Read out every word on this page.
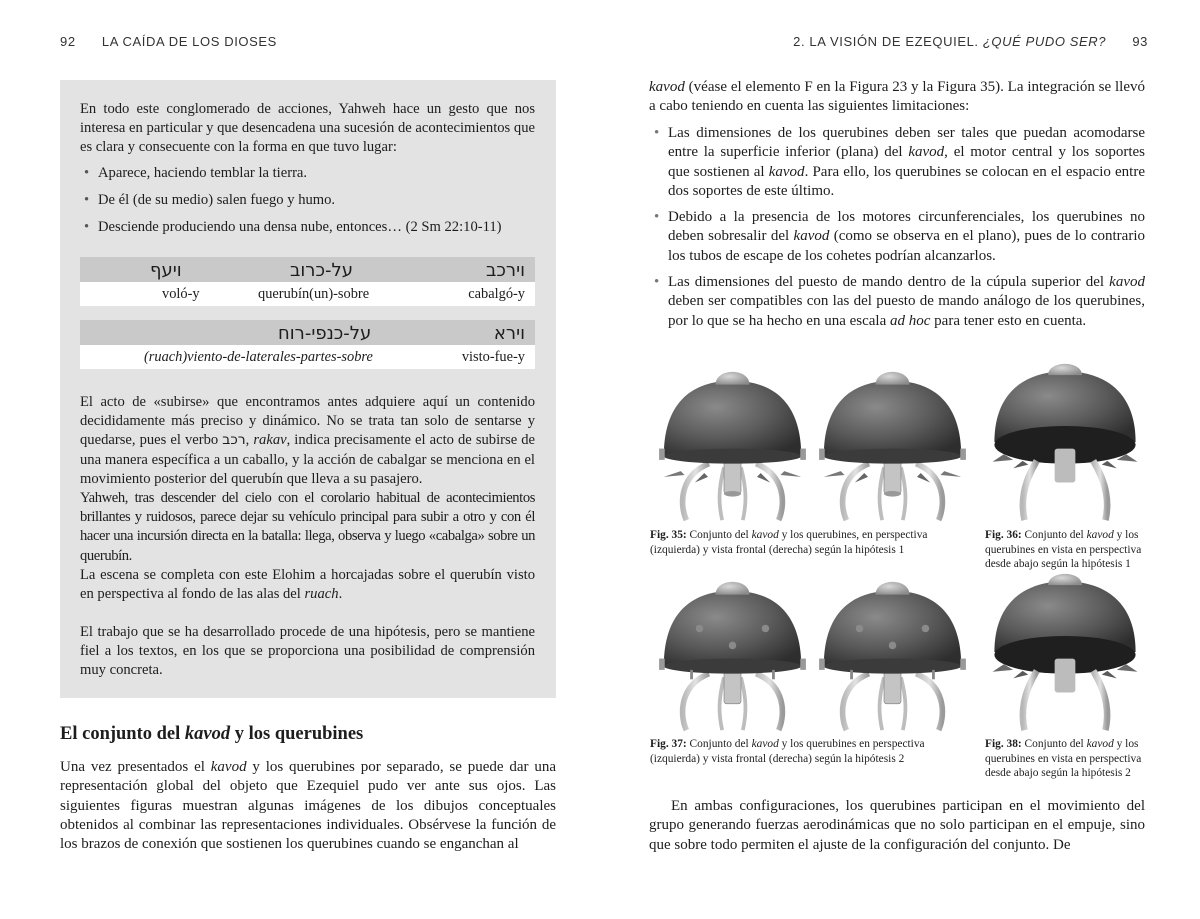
92 LA CAÍDA DE LOS DIOSES	2. LA VISIÓN DE EZEQUIEL. ¿QUÉ PUDO SER? 93
En todo este conglomerado de acciones, Yahweh hace un gesto que nos interesa en particular y que desencadena una sucesión de acontecimientos que es clara y consecuente con la forma en que tuvo lugar:
• Aparece, haciendo temblar la tierra.
• De él (de su medio) salen fuego y humo.
• Desciende produciendo una densa nube, entonces… (2 Sm 22:10-11)
וירכב
על-כרוב
ויעף
cabalgó-y
querubín(un)-sobre
voló-y
וירא
על-כנפי-רוח
visto-fue-y
(ruach)viento-de-laterales-partes-sobre
El acto de «subirse» que encontramos antes adquiere aquí un contenido decididamente más preciso y dinámico. No se trata tan solo de sentarse y quedarse, pues el verbo רכב, rakav, indica precisamente el acto de subirse de una manera específica a un caballo, y la acción de cabalgar se menciona en el movimiento posterior del querubín que lleva a su pasajero.
Yahweh, tras descender del cielo con el corolario habitual de acontecimientos brillantes y ruidosos, parece dejar su vehículo principal para subir a otro y con él hacer una incursión directa en la batalla: llega, observa y luego «cabalga» sobre un querubín.
La escena se completa con este Elohim a horcajadas sobre el querubín visto en perspectiva al fondo de las alas del ruach.
El trabajo que se ha desarrollado procede de una hipótesis, pero se mantiene fiel a los textos, en los que se proporciona una posibilidad de comprensión muy concreta.
El conjunto del kavod y los querubines
Una vez presentados el kavod y los querubines por separado, se puede dar una representación global del objeto que Ezequiel pudo ver ante sus ojos. Las siguientes figuras muestran algunas imágenes de los dibujos conceptuales obtenidos al combinar las representaciones individuales. Obsérvese la función de los brazos de conexión que sostienen los querubines cuando se enganchan al
kavod (véase el elemento F en la Figura 23 y la Figura 35). La integración se llevó a cabo teniendo en cuenta las siguientes limitaciones:
• Las dimensiones de los querubines deben ser tales que puedan acomodarse entre la superficie inferior (plana) del kavod, el motor central y los soportes que sostienen al kavod. Para ello, los querubines se colocan en el espacio entre dos soportes de este último.
• Debido a la presencia de los motores circunferenciales, los querubines no deben sobresalir del kavod (como se observa en el plano), pues de lo contrario los tubos de escape de los cohetes podrían alcanzarlos.
• Las dimensiones del puesto de mando dentro de la cúpula superior del kavod deben ser compatibles con las del puesto de mando análogo de los querubines, por lo que se ha hecho en una escala ad hoc para tener esto en cuenta.
Fig. 35: Conjunto del kavod y los querubines, en perspectiva (izquierda) y vista frontal (derecha) según la hipótesis 1
Fig. 36: Conjunto del kavod y los querubines en vista en perspectiva desde abajo según la hipótesis 1
Fig. 37: Conjunto del kavod y los querubines en perspectiva (izquierda) y vista frontal (derecha) según la hipótesis 2
Fig. 38: Conjunto del kavod y los querubines en vista en perspectiva desde abajo según la hipótesis 2
En ambas configuraciones, los querubines participan en el movimiento del grupo generando fuerzas aerodinámicas que no solo participan en el empuje, sino que sobre todo permiten el ajuste de la configuración del conjunto. De
